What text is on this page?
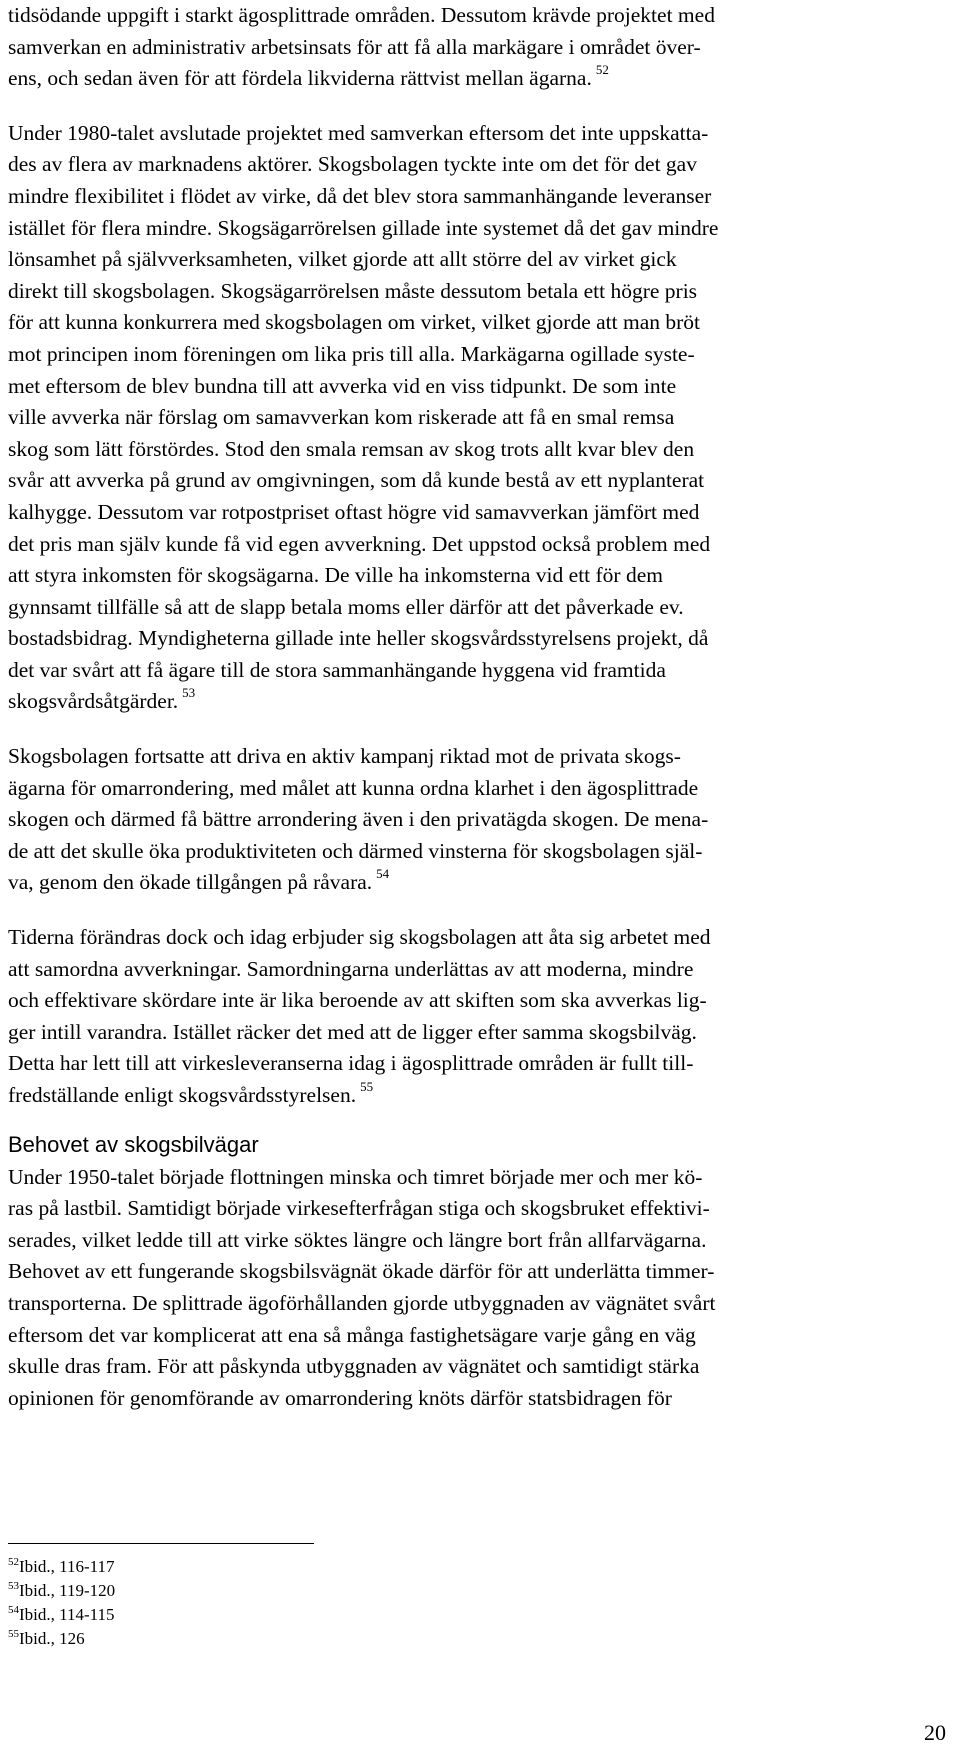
tidsödande uppgift i starkt ägosplittrade områden. Dessutom krävde projektet med
samverkan en administrativ arbetsinsats för att få alla markägare i området över-
ens, och sedan även för att fördela likviderna rättvist mellan ägarna. $^{52}$

Under 1980-talet avslutade projektet med samverkan eftersom det inte uppskatta-
des av flera av marknadens aktörer. Skogsbolagen tyckte inte om det för det gav
mindre flexibilitet i flödet av virke, då det blev stora sammanhängande leveranser
istället för flera mindre. Skogsägarrörelsen gillade inte systemet då det gav mindre
lönsamhet på självverksamheten, vilket gjorde att allt större del av virket gick
direkt till skogsbolagen. Skogsägarrörelsen måste dessutom betala ett högre pris
för att kunna konkurrera med skogsbolagen om virket, vilket gjorde att man bröt
mot principen inom föreningen om lika pris till alla. Markägarna ogillade syste-
met eftersom de blev bundna till att avverka vid en viss tidpunkt. De som inte
ville avverka när förslag om samavverkan kom riskerade att få en smal remsa
skog som lätt förstördes. Stod den smala remsan av skog trots allt kvar blev den
svår att avverka på grund av omgivningen, som då kunde bestå av ett nyplanterat
kalhygge. Dessutom var rotpostpriset oftast högre vid samavverkan jämfört med
det pris man själv kunde få vid egen avverkning. Det uppstod också problem med
att styra inkomsten för skogsägarna. De ville ha inkomsterna vid ett för dem
gynnsamt tillfälle så att de slapp betala moms eller därför att det påverkade ev.
bostadsbidrag. Myndigheterna gillade inte heller skogsvårdsstyrelsens projekt, då
det var svårt att få ägare till de stora sammanhängande hyggena vid framtida
skogsvårdsåtgärder. $^{53}$

Skogsbolagen fortsatte att driva en aktiv kampanj riktad mot de privata skogs-
ägarna för omarrondering, med målet att kunna ordna klarhet i den ägosplittrade
skogen och därmed få bättre arrondering även i den privatägda skogen. De mena-
de att det skulle öka produktiviteten och därmed vinsterna för skogsbolagen själ-
va, genom den ökade tillgången på råvara. $^{54}$

Tiderna förändras dock och idag erbjuder sig skogsbolagen att åta sig arbetet med
att samordna avverkningar. Samordningarna underlättas av att moderna, mindre
och effektivare skördare inte är lika beroende av att skiften som ska avverkas lig-
ger intill varandra. Istället räcker det med att de ligger efter samma skogsbilväg.
Detta har lett till att virkesleveranserna idag i ägosplittrade områden är fullt till-
fredställande enligt skogsvårdsstyrelsen. $^{55}$

Behovet av skogsbilvägar

Under 1950-talet började flottningen minska och timret började mer och mer kö-
ras på lastbil. Samtidigt började virkesefterfrågan stiga och skogsbruket effektivi-
serades, vilket ledde till att virke söktes längre och längre bort från allfarvägarna.
Behovet av ett fungerande skogsbilsvägnät ökade därför för att underlätta timmer-
transporterna. De splittrade ägoförhållanden gjorde utbyggnaden av vägnätet svårt
eftersom det var komplicerat att ena så många fastighetsägare varje gång en väg
skulle dras fram. För att påskynda utbyggnaden av vägnätet och samtidigt stärka
opinionen för genomförande av omarrondering knöts därför statsbidragen för

$^{52}$Ibid., 116-117
$^{53}$Ibid., 119-120
$^{54}$Ibid., 114-115
$^{55}$Ibid., 126
20
